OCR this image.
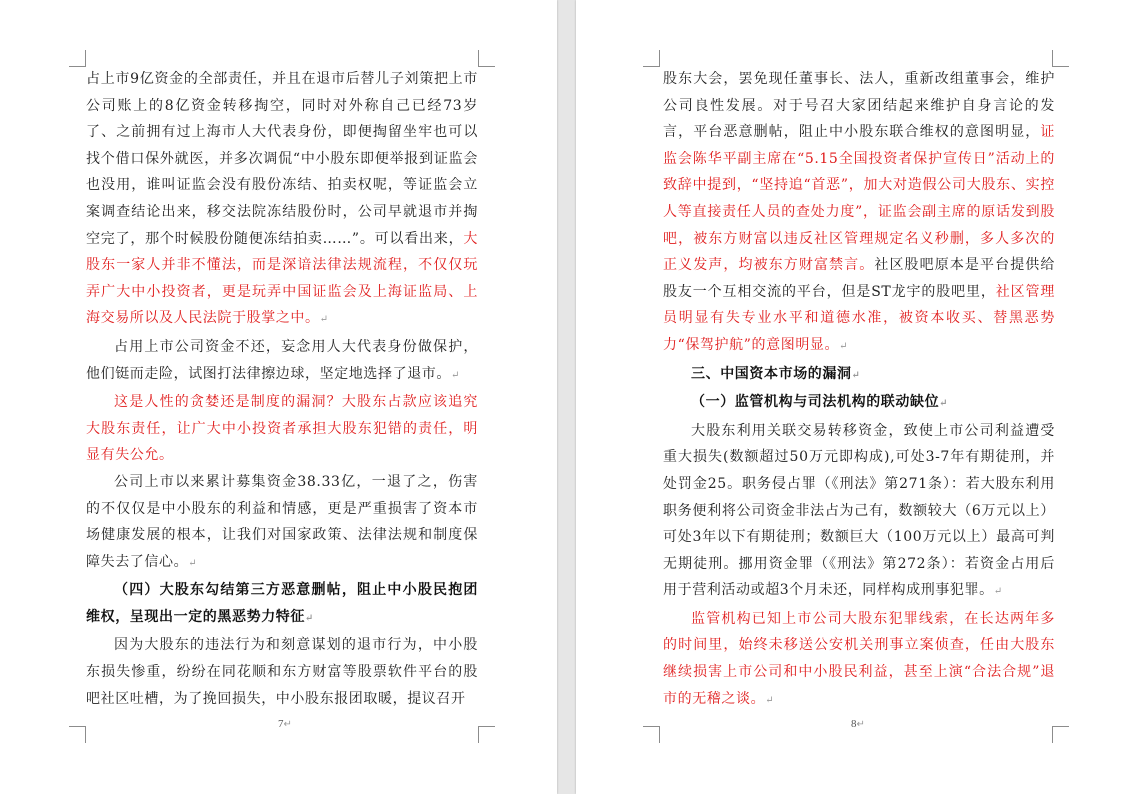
占上市9亿资金的全部责任，并且在退市后替儿子刘策把上市公司账上的8亿资金转移掏空，同时对外称自己已经73岁了、之前拥有过上海市人大代表身份，即便掏留坐牢也可以找个借口保外就医，并多次调侃“中小股东即便举报到证监会也没用，谁叫证监会没有股份冻结、拍卖权呢，等证监会立案调查结论出来，移交法院冻结股份时，公司早就退市并掏空完了，那个时候股份随便冻结拍卖……”。可以看出来，大股东一家人并非不懂法，而是深谙法律法规流程，不仅仅玩弄广大中小投资者，更是玩弄中国证监会及上海证监局、上海交易所以及人民法院于股掌之中。↵

占用上市公司资金不还，妄念用人大代表身份做保护，他们铤而走险，试图打法律擦边球，坚定地选择了退市。↵

这是人性的贪婪还是制度的漏洞？大股东占款应该追究大股东责任，让广大中小投资者承担大股东犯错的责任，明显有失公允。

公司上市以来累计募集资金38.33亿，一退了之，伤害的不仅仅是中小股东的利益和情感，更是严重损害了资本市场健康发展的根本，让我们对国家政策、法律法规和制度保障失去了信心。↵

（四）大股东勾结第三方恶意删帖，阻止中小股民抱团维权，呈现出一定的黑恶势力特征↵

因为大股东的违法行为和刻意谋划的退市行为，中小股东损失惨重，纷纷在同花顺和东方财富等股票软件平台的股吧社区吐槽，为了挽回损失，中小股东报团取暖，提议召开

7↵

股东大会，罢免现任董事长、法人，重新改组董事会，维护公司良性发展。对于号召大家团结起来维护自身言论的发言，平台恶意删帖，阻止中小股东联合维权的意图明显，证监会陈华平副主席在“5.15全国投资者保护宣传日”活动上的致辞中提到，“坚持追“首恶”，加大对造假公司大股东、实控人等直接责任人员的查处力度”，证监会副主席的原话发到股吧，被东方财富以违反社区管理规定名义秒删，多人多次的正义发声，均被东方财富禁言。社区股吧原本是平台提供给股友一个互相交流的平台，但是ST龙宇的股吧里，社区管理员明显有失专业水平和道德水准，被资本收买、替黑恶势力“保驾护航”的意图明显。↵

三、中国资本市场的漏洞↵

（一）监管机构与司法机构的联动缺位↵

大股东利用关联交易转移资金，致使上市公司利益遭受重大损失(数额超过50万元即构成),可处3-7年有期徒刑，并处罚金25。职务侵占罪（《刑法》第271条）：若大股东利用职务便利将公司资金非法占为己有，数额较大（6万元以上）可处3年以下有期徒刑；数额巨大（100万元以上）最高可判无期徒刑。挪用资金罪（《刑法》第272条）：若资金占用后用于营利活动或超3个月未还，同样构成刑事犯罪。↵

监管机构已知上市公司大股东犯罪线索，在长达两年多的时间里，始终未移送公安机关刑事立案侦查，任由大股东继续损害上市公司和中小股民利益，甚至上演“合法合规”退市的无稽之谈。↵

8↵
